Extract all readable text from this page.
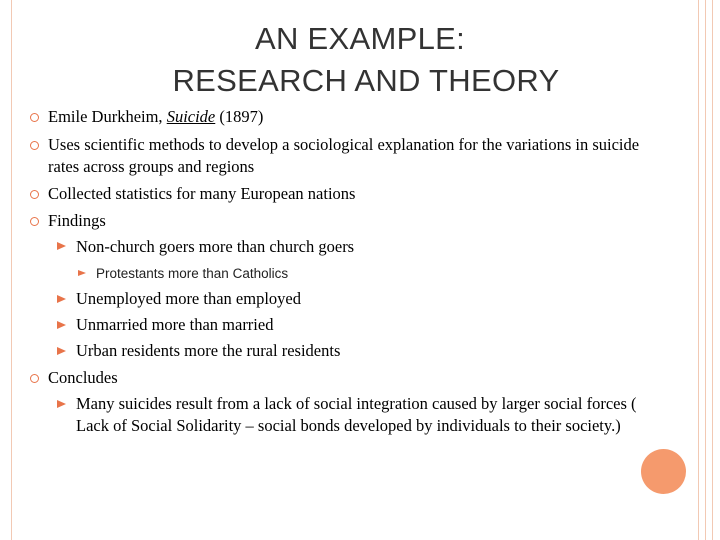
AN EXAMPLE:
RESEARCH AND THEORY
Emile Durkheim, Suicide (1897)
Uses scientific methods to develop a sociological explanation for the variations in suicide
rates across groups and regions
Collected statistics for many European nations
Findings
Non-church goers more than church goers
Protestants more than Catholics
Unemployed more than employed
Unmarried more than married
Urban residents more the rural residents
Concludes
Many suicides result from a lack of social integration caused by larger social forces (
Lack of Social Solidarity – social bonds developed by individuals to their society.)
